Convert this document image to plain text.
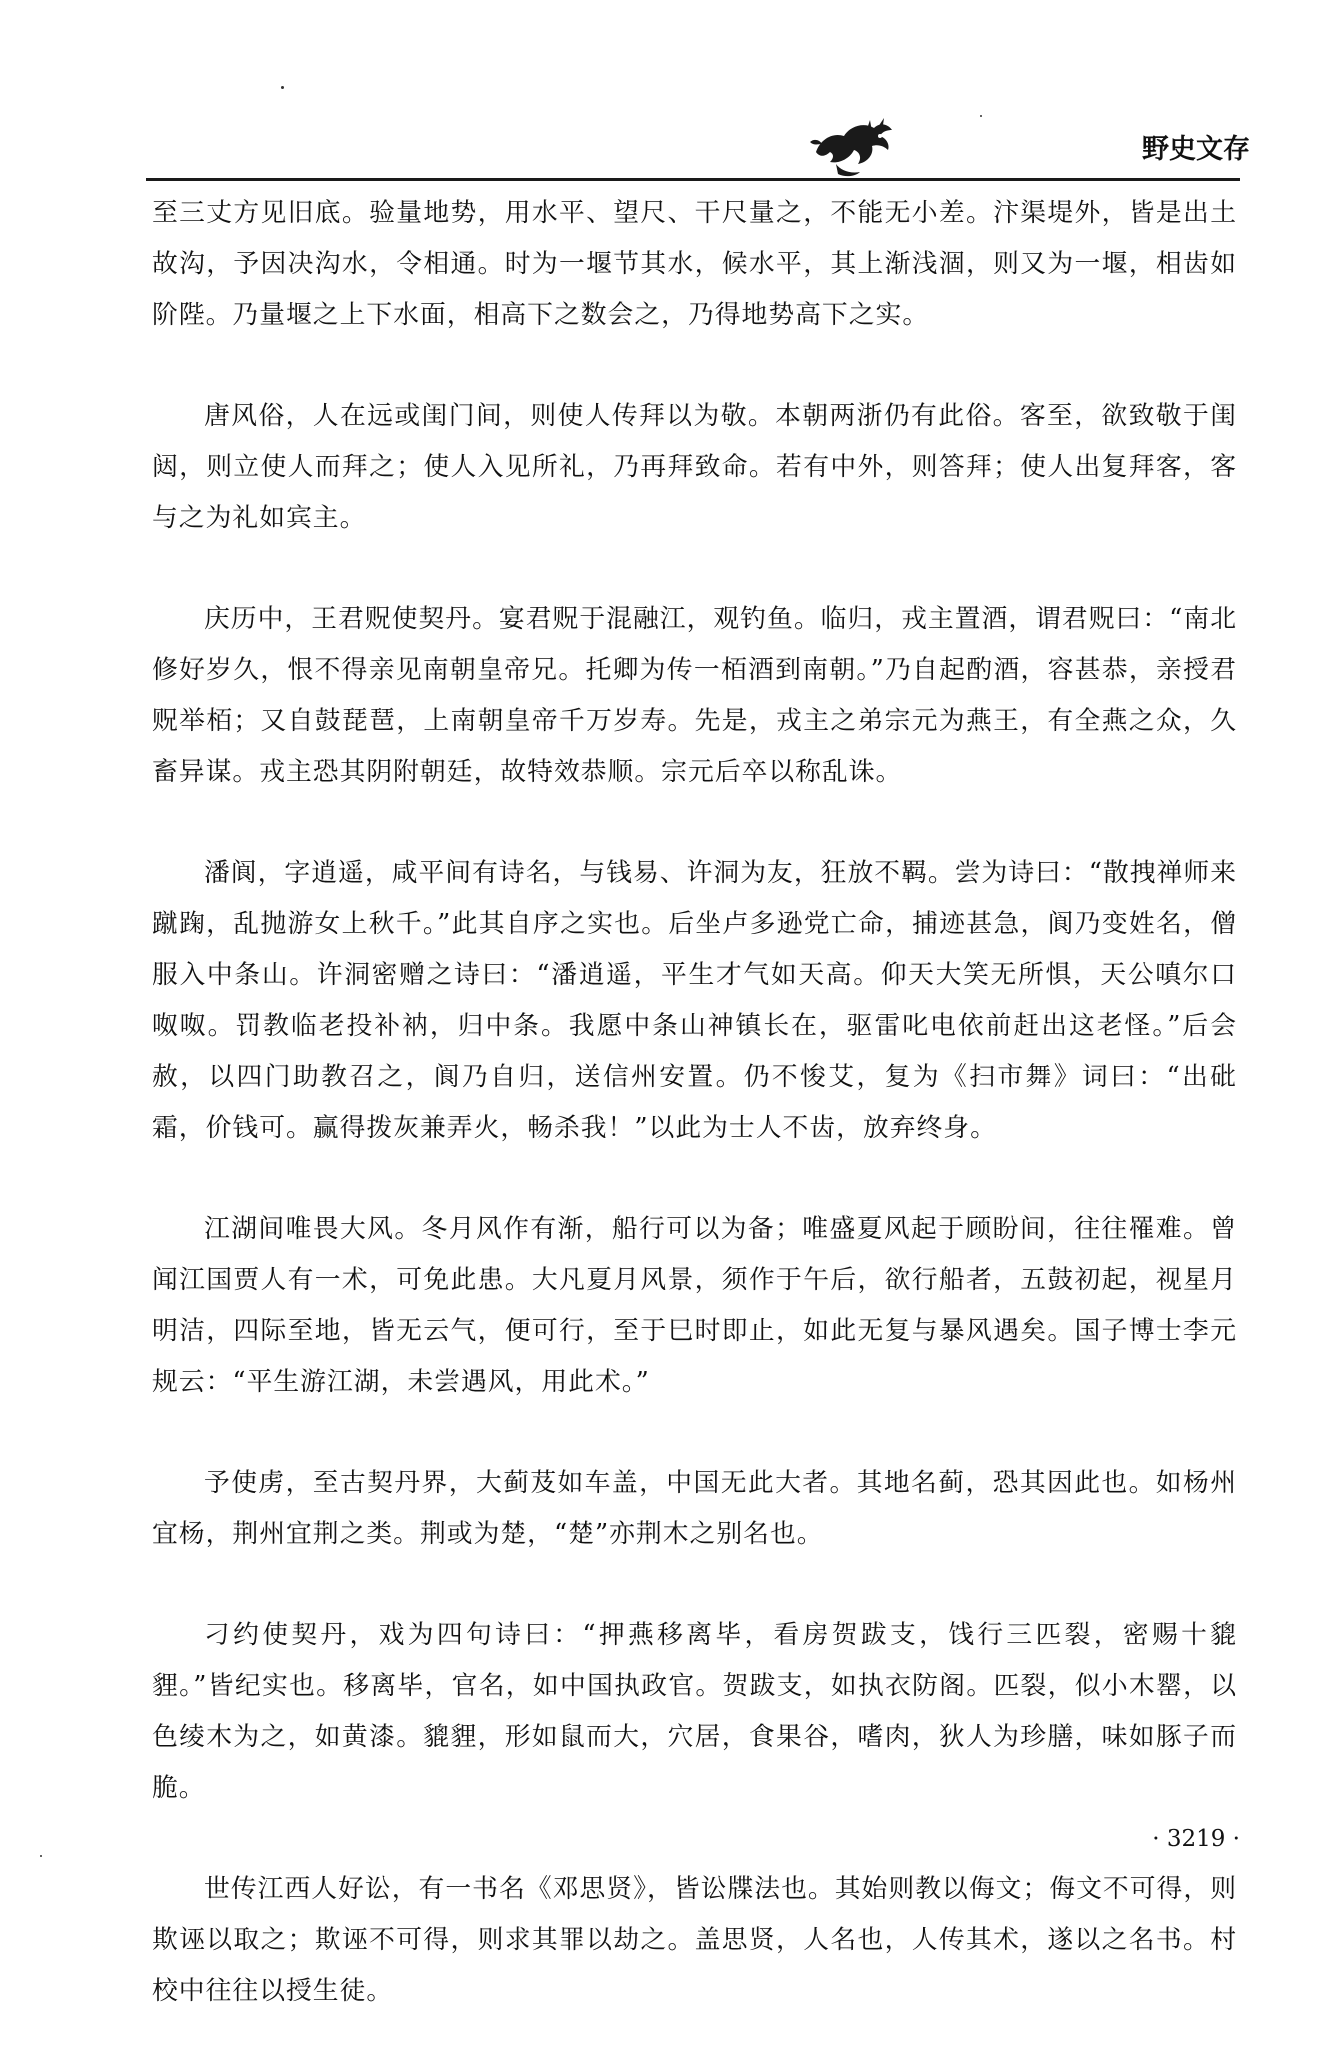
野史文存

至三丈方见旧底。验量地势，用水平、望尺、干尺量之，不能无小差。汴渠堤外，皆是出土故沟，予因决沟水，令相通。时为一堰节其水，候水平，其上渐浅涸，则又为一堰，相齿如阶陛。乃量堰之上下水面，相高下之数会之，乃得地势高下之实。

唐风俗，人在远或闺门间，则使人传拜以为敬。本朝两浙仍有此俗。客至，欲致敬于闺闼，则立使人而拜之；使人入见所礼，乃再拜致命。若有中外，则答拜；使人出复拜客，客与之为礼如宾主。

庆历中，王君贶使契丹。宴君贶于混融江，观钓鱼。临归，戎主置酒，谓君贶曰：“南北修好岁久，恨不得亲见南朝皇帝兄。托卿为传一栢酒到南朝。”乃自起酌酒，容甚恭，亲授君贶举栢；又自鼓琵琶，上南朝皇帝千万岁寿。先是，戎主之弟宗元为燕王，有全燕之众，久畜异谋。戎主恐其阴附朝廷，故特效恭顺。宗元后卒以称乱诛。

潘阆，字逍遥，咸平间有诗名，与钱易、许洞为友，狂放不羁。尝为诗曰：“散拽禅师来蹴踘，乱抛游女上秋千。”此其自序之实也。后坐卢多逊党亡命，捕迹甚急，阆乃变姓名，僧服入中条山。许洞密赠之诗曰：“潘逍遥，平生才气如天高。仰天大笑无所惧，天公嗔尔口呶呶。罚教临老投补衲，归中条。我愿中条山神镇长在，驱雷叱电依前赶出这老怪。”后会赦，以四门助教召之，阆乃自归，送信州安置。仍不悛艾，复为《扫市舞》词曰：“出砒霜，价钱可。赢得拨灰兼弄火，畅杀我！”以此为士人不齿，放弃终身。

江湖间唯畏大风。冬月风作有渐，船行可以为备；唯盛夏风起于顾盼间，往往罹难。曾闻江国贾人有一术，可免此患。大凡夏月风景，须作于午后，欲行船者，五鼓初起，视星月明洁，四际至地，皆无云气，便可行，至于巳时即止，如此无复与暴风遇矣。国子博士李元规云：“平生游江湖，未尝遇风，用此术。”

予使虏，至古契丹界，大蓟芨如车盖，中国无此大者。其地名蓟，恐其因此也。如杨州宜杨，荆州宜荆之类。荆或为楚，“楚”亦荆木之别名也。

刁约使契丹，戏为四句诗曰：“押燕移离毕，看房贺跋支，饯行三匹裂，密赐十貔貍。”皆纪实也。移离毕，官名，如中国执政官。贺跋支，如执衣防阁。匹裂，似小木罂，以色绫木为之，如黄漆。貔貍，形如鼠而大，穴居，食果谷，嗜肉，狄人为珍膳，味如豚子而脆。

世传江西人好讼，有一书名《邓思贤》，皆讼牒法也。其始则教以侮文；侮文不可得，则欺诬以取之；欺诬不可得，则求其罪以劫之。盖思贤，人名也，人传其术，遂以之名书。村校中往往以授生徒。

· 3219 ·
